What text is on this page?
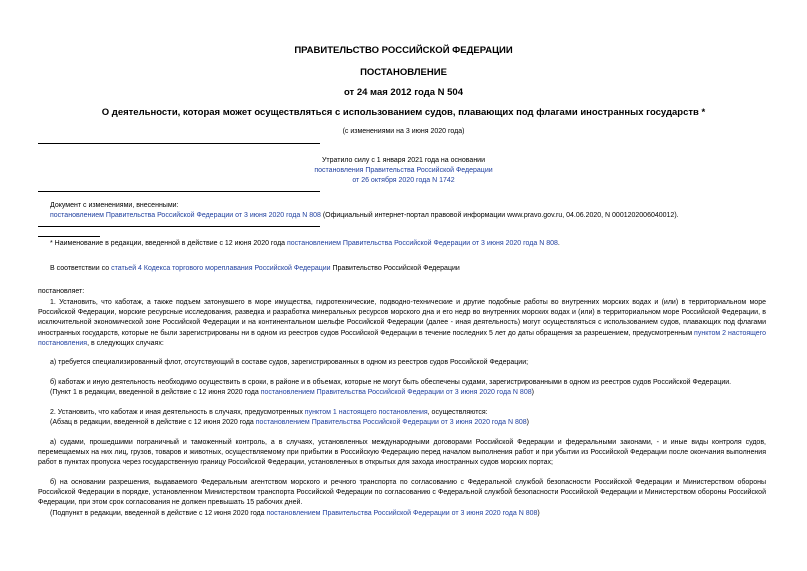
ПРАВИТЕЛЬСТВО РОССИЙСКОЙ ФЕДЕРАЦИИ
ПОСТАНОВЛЕНИЕ
от 24 мая 2012 года N 504
О деятельности, которая может осуществляться с использованием судов, плавающих под флагами иностранных государств *
(с изменениями на 3 июня 2020 года)
Утратило силу с 1 января 2021 года на основании
постановления Правительства Российской Федерации
от 26 октября 2020 года N 1742
Документ с изменениями, внесенными:
постановлением Правительства Российской Федерации от 3 июня 2020 года N 808 (Официальный интернет-портал правовой информации www.pravo.gov.ru, 04.06.2020, N 0001202006040012).
* Наименование в редакции, введенной в действие с 12 июня 2020 года постановлением Правительства Российской Федерации от 3 июня 2020 года N 808.
В соответствии со статьей 4 Кодекса торгового мореплавания Российской Федерации Правительство Российской Федерации
постановляет:
1. Установить, что каботаж, а также подъем затонувшего в море имущества, гидротехнические, подводно-технические и другие подобные работы во внутренних морских водах и (или) в территориальном море Российской Федерации, морские ресурсные исследования, разведка и разработка минеральных ресурсов морского дна и его недр во внутренних морских водах и (или) в территориальном море Российской Федерации, в исключительной экономической зоне Российской Федерации и на континентальном шельфе Российской Федерации (далее - иная деятельность) могут осуществляться с использованием судов, плавающих под флагами иностранных государств, которые не были зарегистрированы ни в одном из реестров судов Российской Федерации в течение последних 5 лет до даты обращения за разрешением, предусмотренным пунктом 2 настоящего постановления, в следующих случаях:
а) требуется специализированный флот, отсутствующий в составе судов, зарегистрированных в одном из реестров судов Российской Федерации;
б) каботаж и иную деятельность необходимо осуществить в сроки, в районе и в объемах, которые не могут быть обеспечены судами, зарегистрированными в одном из реестров судов Российской Федерации.
(Пункт 1 в редакции, введенной в действие с 12 июня 2020 года постановлением Правительства Российской Федерации от 3 июня 2020 года N 808)
2. Установить, что каботаж и иная деятельность в случаях, предусмотренных пунктом 1 настоящего постановления, осуществляются:
(Абзац в редакции, введенной в действие с 12 июня 2020 года постановлением Правительства Российской Федерации от 3 июня 2020 года N 808)
а) судами, прошедшими пограничный и таможенный контроль, а в случаях, установленных международными договорами Российской Федерации и федеральными законами, - и иные виды контроля судов, перемещаемых на них лиц, грузов, товаров и животных, осуществляемому при прибытии в Российскую Федерацию перед началом выполнения работ и при убытии из Российской Федерации после окончания выполнения работ в пунктах пропуска через государственную границу Российской Федерации, установленных в открытых для захода иностранных судов морских портах;
б) на основании разрешения, выдаваемого Федеральным агентством морского и речного транспорта по согласованию с Федеральной службой безопасности Российской Федерации и Министерством обороны Российской Федерации в порядке, установленном Министерством транспорта Российской Федерации по согласованию с Федеральной службой безопасности Российской Федерации и Министерством обороны Российской Федерации, при этом срок согласования не должен превышать 15 рабочих дней.
(Подпункт в редакции, введенной в действие с 12 июня 2020 года постановлением Правительства Российской Федерации от 3 июня 2020 года N 808)
